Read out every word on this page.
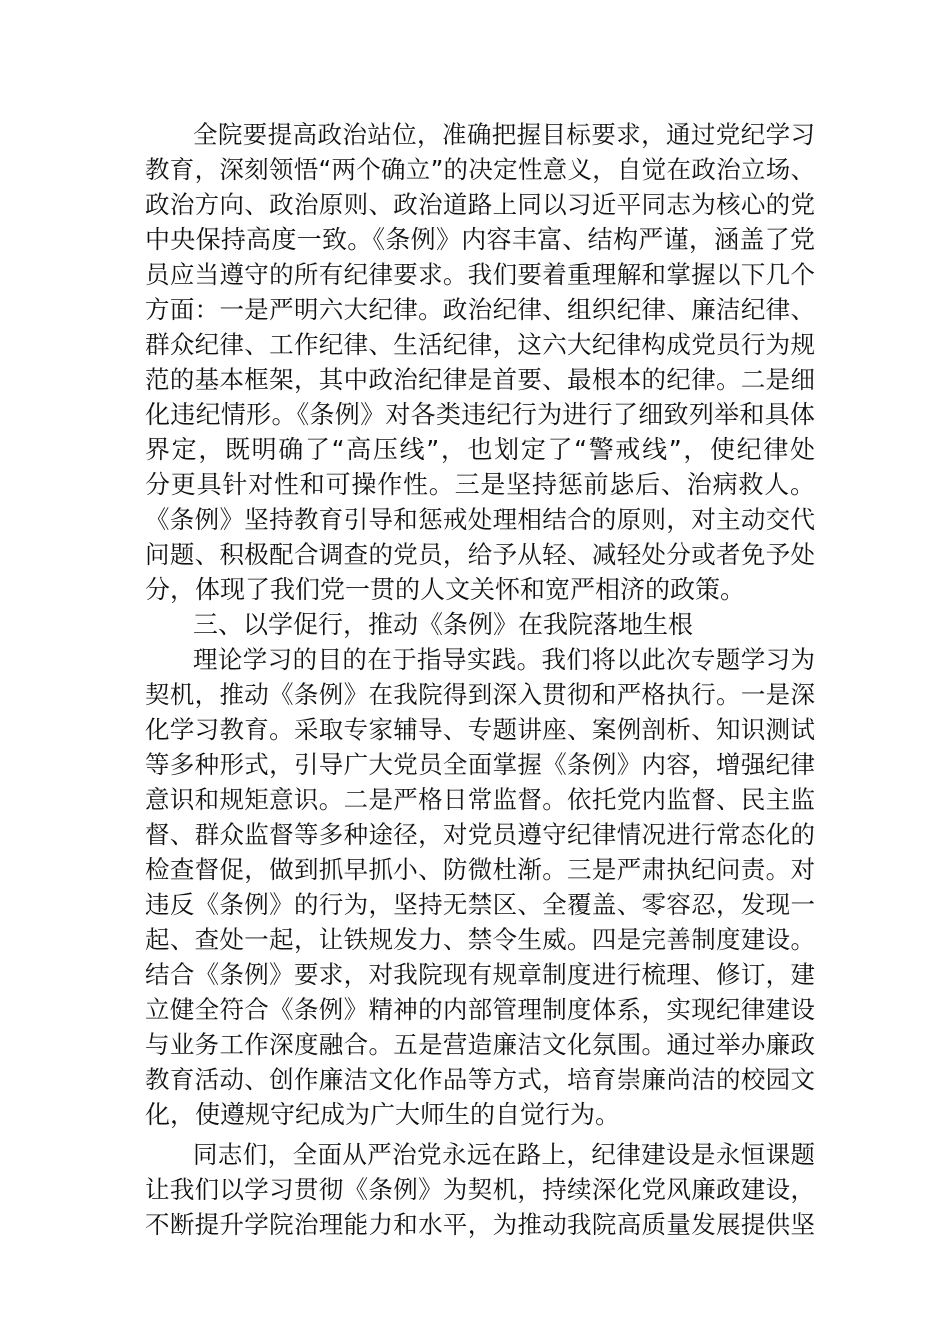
全院要提高政治站位，准确把握目标要求，通过党纪学习
教育，深刻领悟“两个确立”的决定性意义，自觉在政治立场、
政治方向、政治原则、政治道路上同以习近平同志为核心的党
中央保持高度一致。《条例》内容丰富、结构严谨，涵盖了党
员应当遵守的所有纪律要求。我们要着重理解和掌握以下几个
方面：一是严明六大纪律。政治纪律、组织纪律、廉洁纪律、
群众纪律、工作纪律、生活纪律，这六大纪律构成党员行为规
范的基本框架，其中政治纪律是首要、最根本的纪律。二是细
化违纪情形。《条例》对各类违纪行为进行了细致列举和具体
界定，既明确了“高压线”，也划定了“警戒线”，使纪律处
分更具针对性和可操作性。三是坚持惩前毖后、治病救人。
《条例》坚持教育引导和惩戒处理相结合的原则，对主动交代
问题、积极配合调查的党员，给予从轻、减轻处分或者免予处
分，体现了我们党一贯的人文关怀和宽严相济的政策。
三、以学促行，推动《条例》在我院落地生根
理论学习的目的在于指导实践。我们将以此次专题学习为
契机，推动《条例》在我院得到深入贯彻和严格执行。一是深
化学习教育。采取专家辅导、专题讲座、案例剖析、知识测试
等多种形式，引导广大党员全面掌握《条例》内容，增强纪律
意识和规矩意识。二是严格日常监督。依托党内监督、民主监
督、群众监督等多种途径，对党员遵守纪律情况进行常态化的
检查督促，做到抓早抓小、防微杜渐。三是严肃执纪问责。对
违反《条例》的行为，坚持无禁区、全覆盖、零容忍，发现一
起、查处一起，让铁规发力、禁令生威。四是完善制度建设。
结合《条例》要求，对我院现有规章制度进行梳理、修订，建
立健全符合《条例》精神的内部管理制度体系，实现纪律建设
与业务工作深度融合。五是营造廉洁文化氛围。通过举办廉政
教育活动、创作廉洁文化作品等方式，培育崇廉尚洁的校园文
化，使遵规守纪成为广大师生的自觉行为。
同志们，全面从严治党永远在路上，纪律建设是永恒课题
让我们以学习贯彻《条例》为契机，持续深化党风廉政建设，
不断提升学院治理能力和水平，为推动我院高质量发展提供坚
